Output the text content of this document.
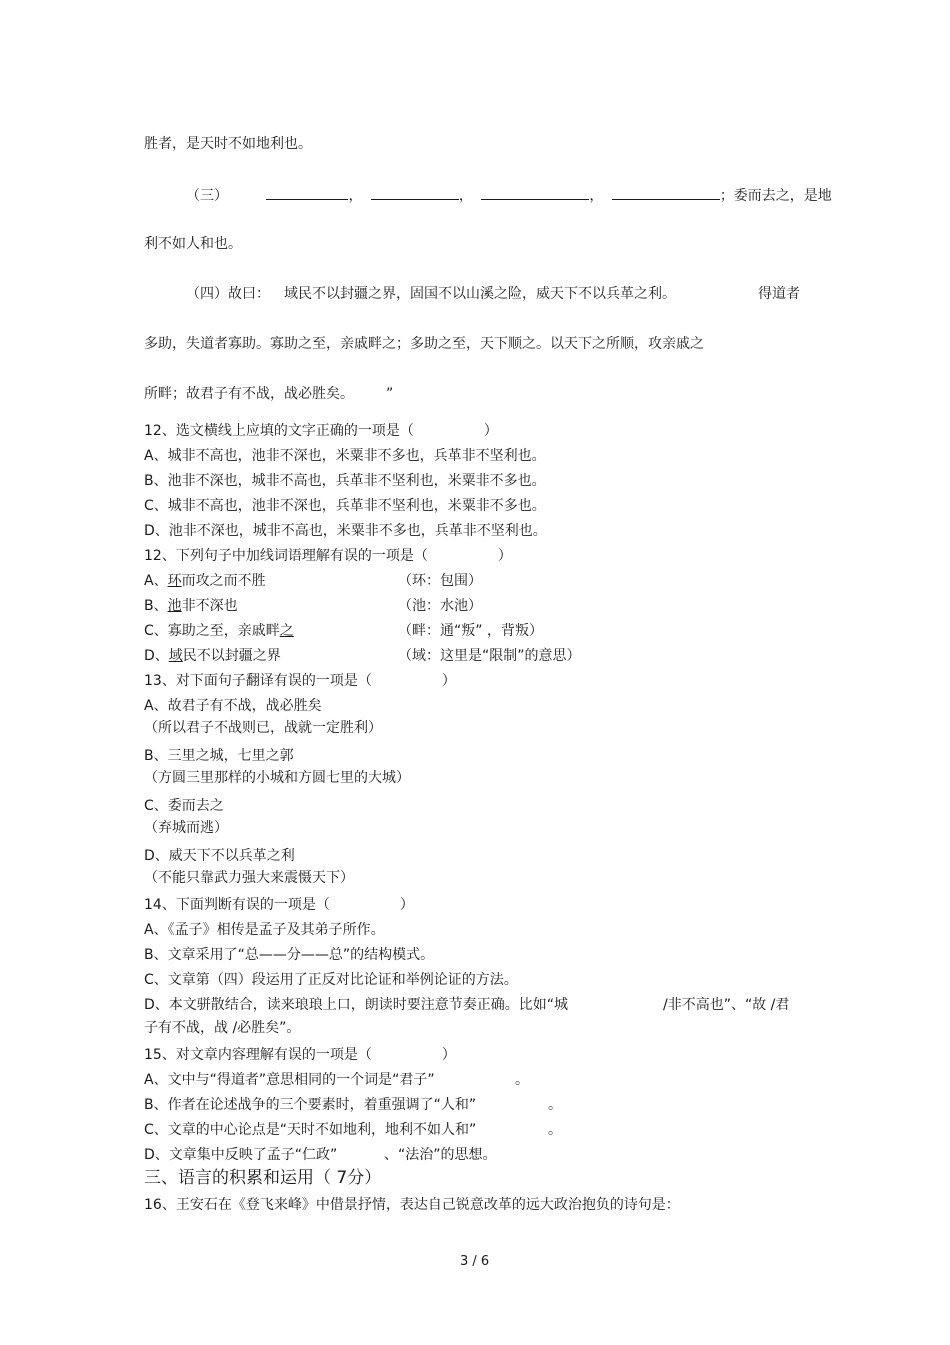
胜者，是天时不如地利也。
（三）	，	，	，	；委而去之，是地
利不如人和也。
（四）故曰： 域民不以封疆之界，固国不以山溪之险，威天下不以兵革之利。	得道者
多助，失道者寡助。寡助之至，亲戚畔之；多助之至，天下顺之。以天下之所顺，攻亲戚之
所畔；故君子有不战，战必胜矣。 ”
12、选文横线上应填的文字正确的一项是（	）
A、城非不高也，池非不深也，米粟非不多也，兵革非不坚利也。
B、池非不深也，城非不高也，兵革非不坚利也，米粟非不多也。
C、城非不高也，池非不深也，兵革非不坚利也，米粟非不多也。
D、池非不深也，城非不高也，米粟非不多也，兵革非不坚利也。
12、下列句子中加线词语理解有误的一项是（	）
A、环而攻之而不胜	（环：包围）
B、池非不深也	（池：水池）
C、寡助之至，亲戚畔之	（畔：通“叛” ，背叛）
D、域民不以封疆之界	（域：这里是“限制”的意思）
13、对下面句子翻译有误的一项是（	）
A、故君子有不战，战必胜矣
（所以君子不战则已，战就一定胜利）
B、三里之城，七里之郭
（方圆三里那样的小城和方圆七里的大城）
C、委而去之
（弃城而逃）
D、威天下不以兵革之利
（不能只靠武力强大来震慑天下）
14、下面判断有误的一项是（	）
A、《孟子》相传是孟子及其弟子所作。
B、文章采用了“总——分——总”的结构模式。
C、文章第（四）段运用了正反对比论证和举例论证的方法。
D、本文骈散结合，读来琅琅上口，朗读时要注意节奏正确。比如“城	/非不高也”、“故 /君
子有不战，战 /必胜矣”。
15、对文章内容理解有误的一项是（	）
A、文中与“得道者”意思相同的一个词是“君子”	。
B、作者在论述战争的三个要素时，着重强调了“人和”	。
C、文章的中心论点是“天时不如地利，地利不如人和”	。
D、文章集中反映了孟子“仁政”	、“法治”的思想。
三、语言的积累和运用（ 7分）
16、王安石在《登飞来峰》中借景抒情，表达自己锐意改革的远大政治抱负的诗句是：
3 / 6
